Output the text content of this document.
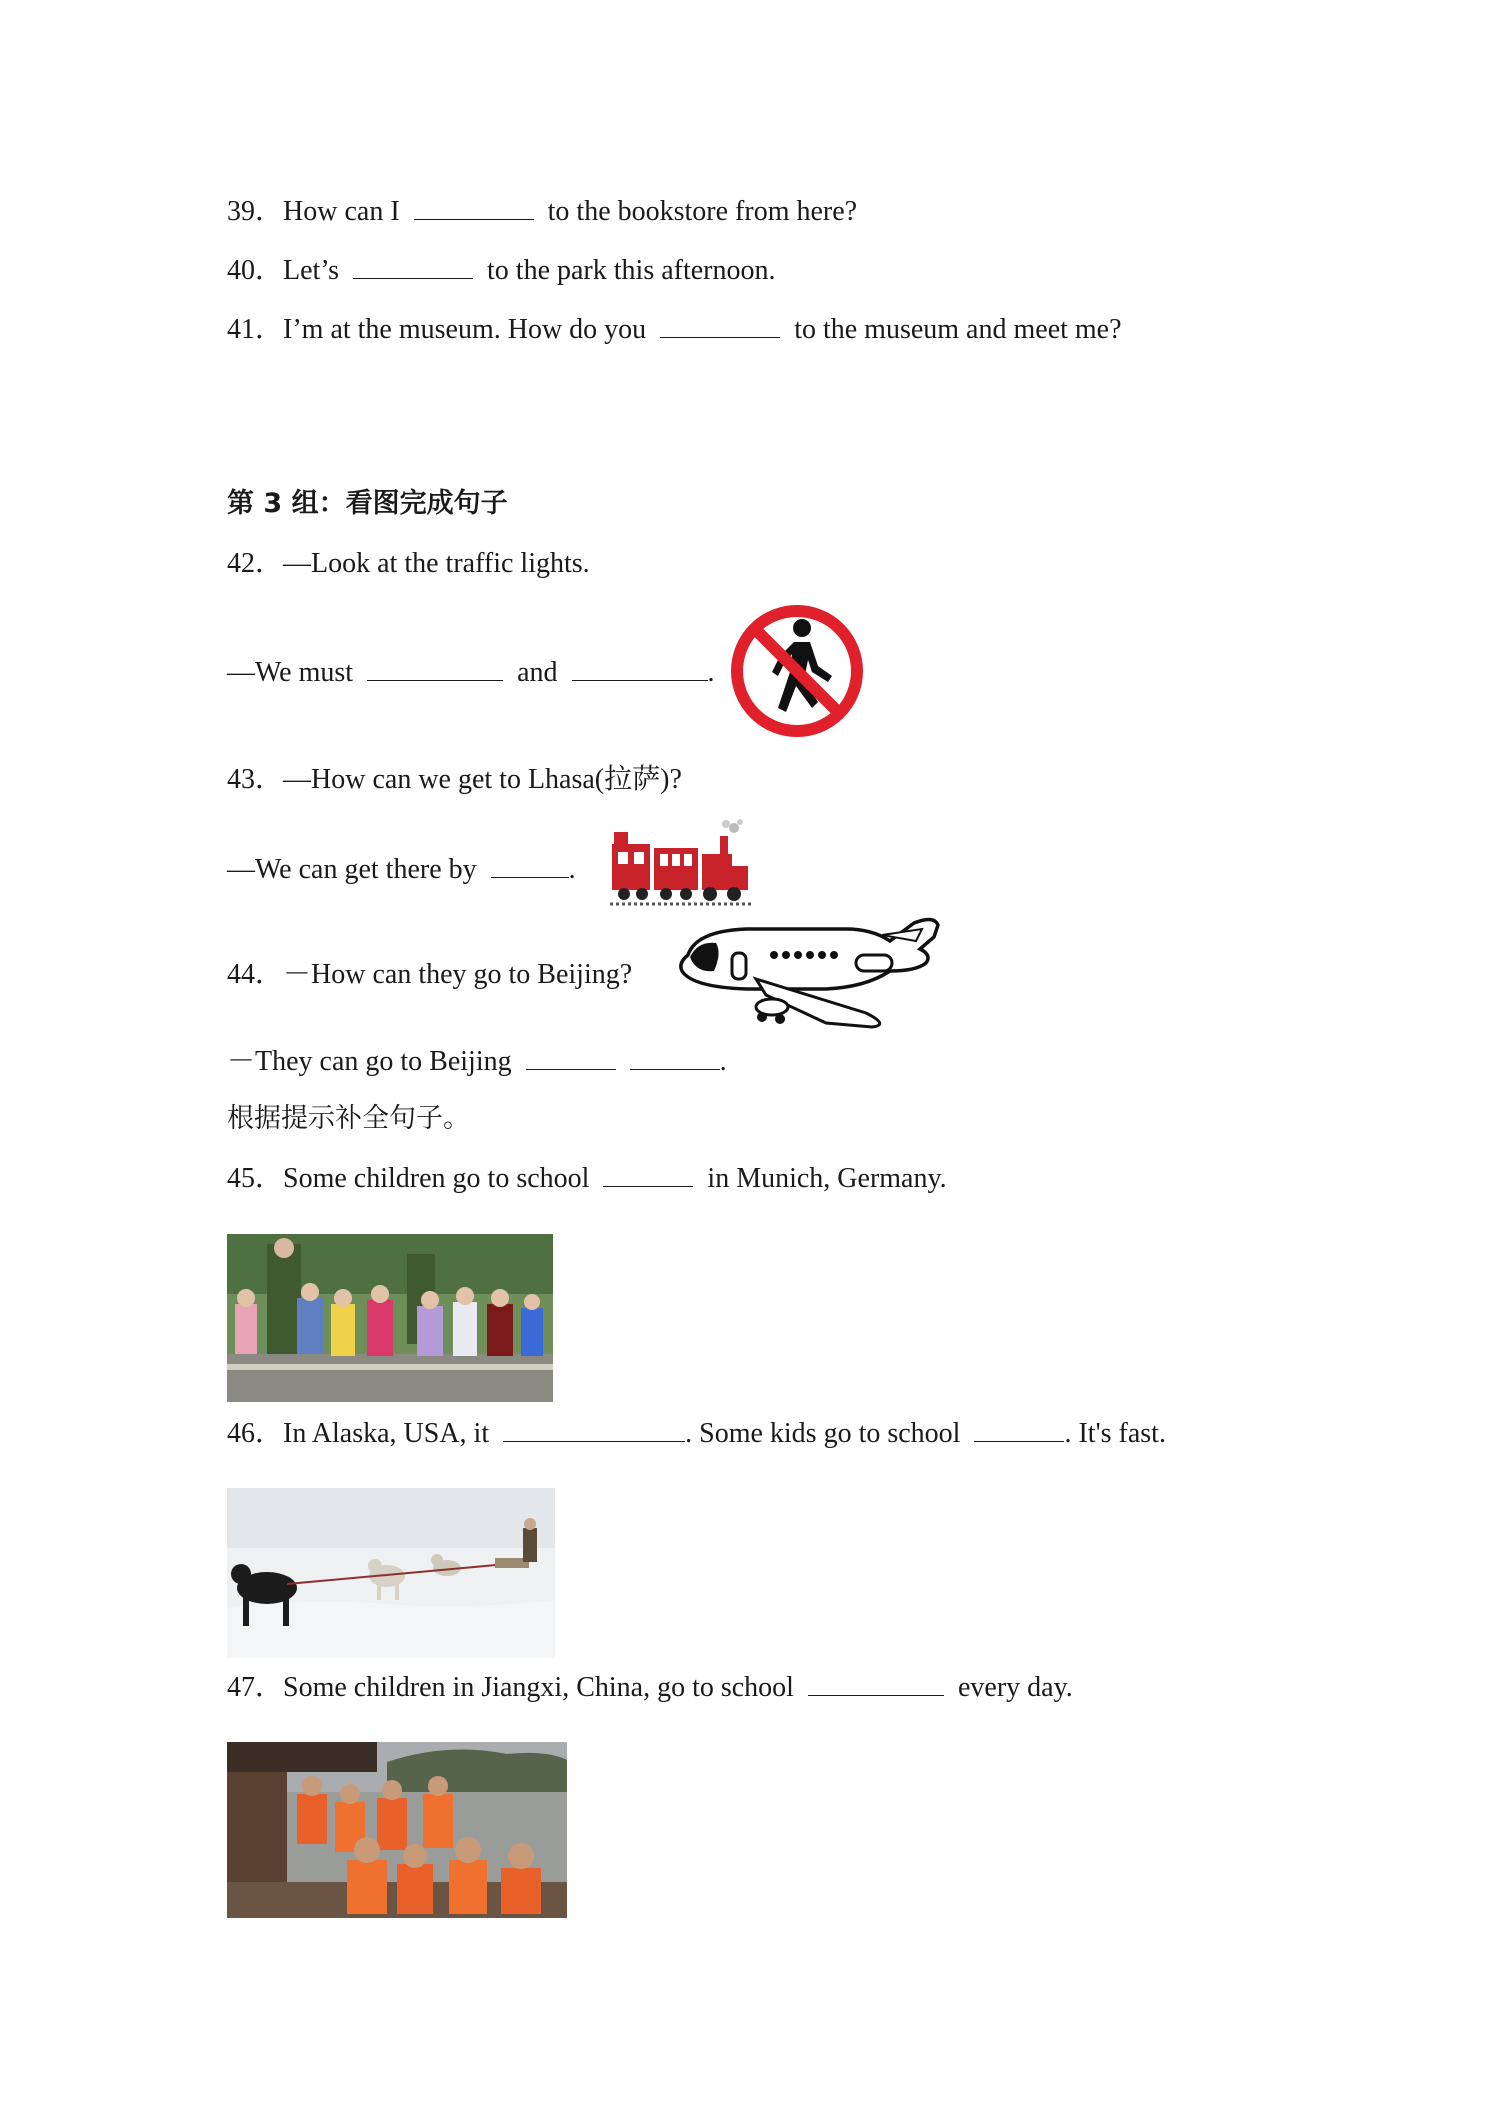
39．How can I	to the bookstore from here?
40．Let’s	to the park this afternoon.
41．I’m at the museum. How do you	to the museum and meet me?
第 3 组：看图完成句子
42．—Look at the traffic lights.
—We must	and	.
43．—How can we get to Lhasa(拉萨)?
—We can get there by	.
44．－How can they go to Beijing?
－They can go to Beijing	.
根据提示补全句子。
45．Some children go to school	in Munich, Germany.
46．In Alaska, USA, it	. Some kids go to school	. It's fast.
47．Some children in Jiangxi, China, go to school	every day.
